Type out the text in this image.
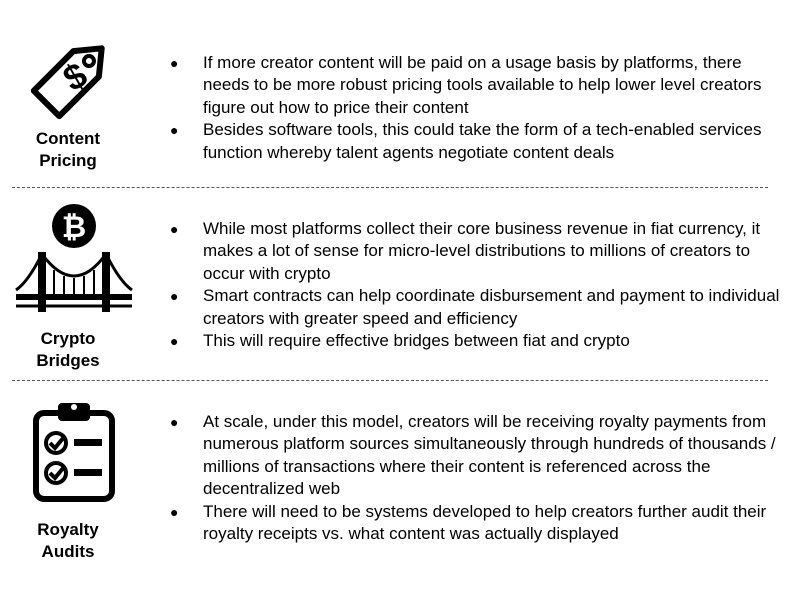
$
Content
Pricing
● If more creator content will be paid on a usage basis by platforms, there needs to be more robust pricing tools available to help lower level creators figure out how to price their content
● Besides software tools, this could take the form of a tech-enabled services function whereby talent agents negotiate content deals
₿
Crypto
Bridges
● While most platforms collect their core business revenue in fiat currency, it makes a lot of sense for micro-level distributions to millions of creators to occur with crypto
● Smart contracts can help coordinate disbursement and payment to individual creators with greater speed and efficiency
● This will require effective bridges between fiat and crypto
Royalty
Audits
● At scale, under this model, creators will be receiving royalty payments from numerous platform sources simultaneously through hundreds of thousands / millions of transactions where their content is referenced across the decentralized web
● There will need to be systems developed to help creators further audit their royalty receipts vs. what content was actually displayed
